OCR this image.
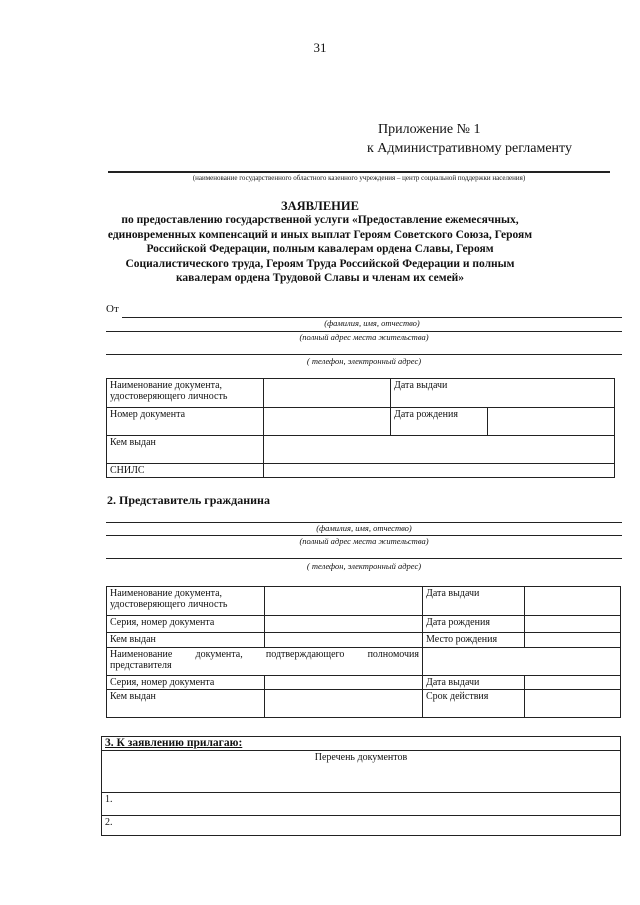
31
Приложение № 1
к Административному регламенту
(наименование государственного областного казенного учреждения – центр социальной поддержки населения)
ЗАЯВЛЕНИЕ
по предоставлению государственной услуги «Предоставление ежемесячных, единовременных компенсаций и иных выплат Героям Советского Союза, Героям Российской Федерации, полным кавалерам ордена Славы, Героям Социалистического труда, Героям Труда Российской Федерации и полным кавалерам ордена Трудовой Славы и членам их семей»
От
(фамилия, имя, отчество)
(полный адрес места жительства)
( телефон, электронный адрес)
Наименование документа, удостоверяющего личность		Дата выдачи	
Номер документа		Дата рождения	
Кем выдан			
СНИЛС			
2. Представитель гражданина
(фамилия, имя, отчество)
(полный адрес места жительства)
( телефон, электронный адрес)
Наименование документа, удостоверяющего личность		Дата выдачи	
Серия, номер документа		Дата рождения	
Кем выдан		Место рождения	
Наименование документа, подтверждающего полномочия представителя			
Серия, номер документа		Дата выдачи	
Кем выдан		Срок действия	
3. К заявлению прилагаю:
Перечень документов
1.
2.
